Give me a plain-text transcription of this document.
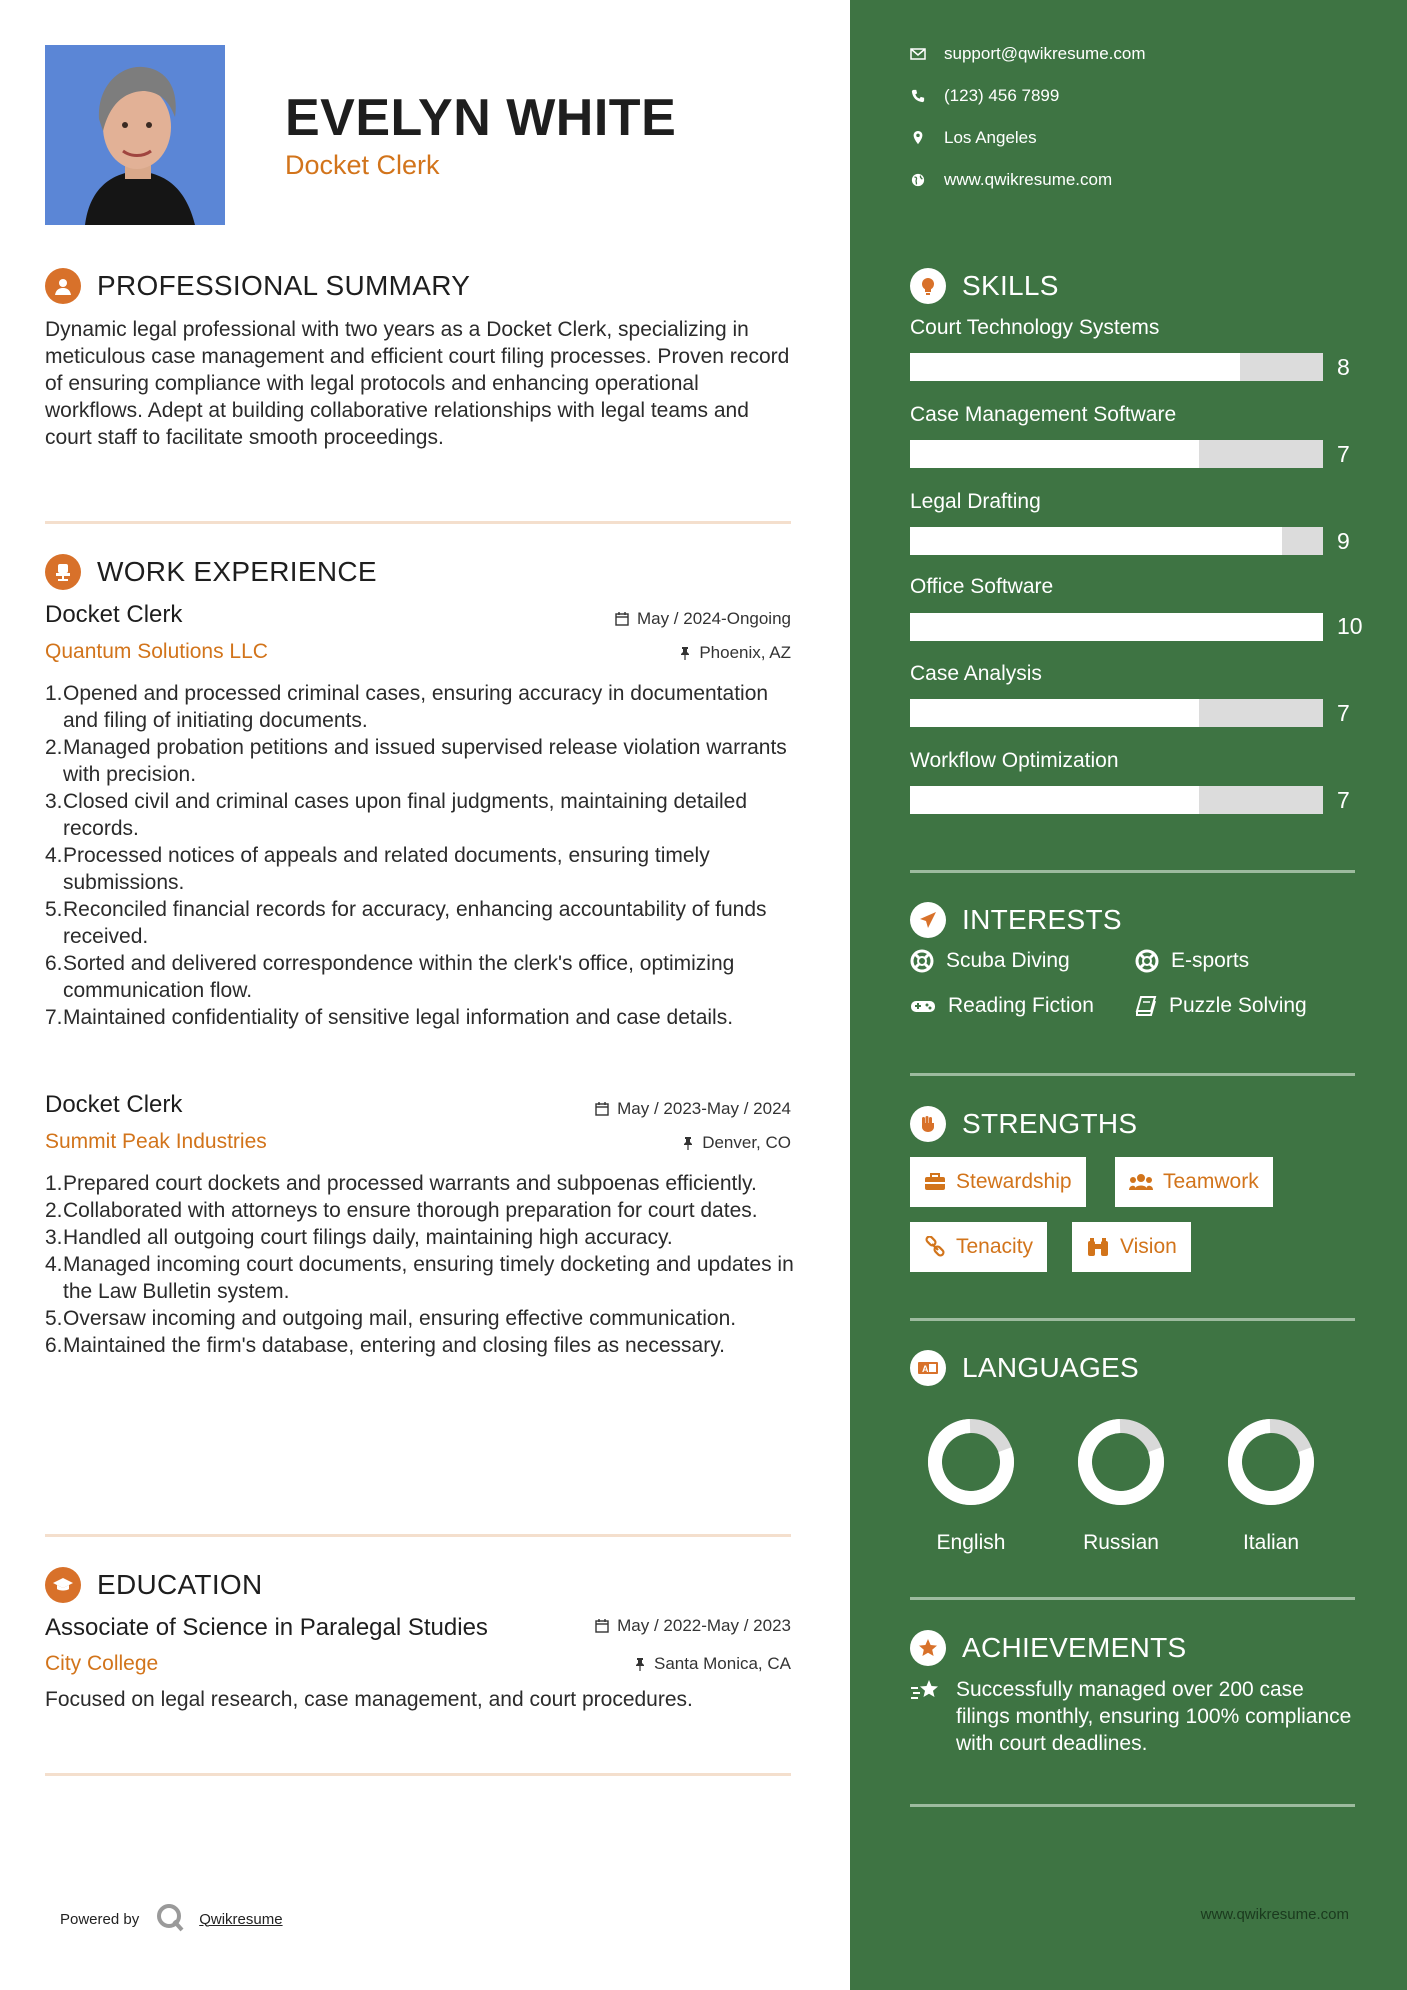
EVELYN WHITE
Docket Clerk
PROFESSIONAL SUMMARY
Dynamic legal professional with two years as a Docket Clerk, specializing in meticulous case management and efficient court filing processes. Proven record of ensuring compliance with legal protocols and enhancing operational workflows. Adept at building collaborative relationships with legal teams and court staff to facilitate smooth proceedings.
WORK EXPERIENCE
Docket Clerk	May / 2024-Ongoing
Quantum Solutions LLC	Phoenix, AZ
1. Opened and processed criminal cases, ensuring accuracy in documentation and filing of initiating documents.
2. Managed probation petitions and issued supervised release violation warrants with precision.
3. Closed civil and criminal cases upon final judgments, maintaining detailed records.
4. Processed notices of appeals and related documents, ensuring timely submissions.
5. Reconciled financial records for accuracy, enhancing accountability of funds received.
6. Sorted and delivered correspondence within the clerk's office, optimizing communication flow.
7. Maintained confidentiality of sensitive legal information and case details.
Docket Clerk	May / 2023-May / 2024
Summit Peak Industries	Denver, CO
1. Prepared court dockets and processed warrants and subpoenas efficiently.
2. Collaborated with attorneys to ensure thorough preparation for court dates.
3. Handled all outgoing court filings daily, maintaining high accuracy.
4. Managed incoming court documents, ensuring timely docketing and updates in the Law Bulletin system.
5. Oversaw incoming and outgoing mail, ensuring effective communication.
6. Maintained the firm's database, entering and closing files as necessary.
EDUCATION
Associate of Science in Paralegal Studies	May / 2022-May / 2023
City College	Santa Monica, CA
Focused on legal research, case management, and court procedures.
Powered by	Qwikresume
support@qwikresume.com
(123) 456 7899
Los Angeles
www.qwikresume.com
SKILLS
Court Technology Systems
8
Case Management Software
7
Legal Drafting
9
Office Software
10
Case Analysis
7
Workflow Optimization
7
INTERESTS
Scuba Diving	E-sports
Reading Fiction	Puzzle Solving
STRENGTHS
Stewardship	Teamwork
Tenacity	Vision
A LANGUAGES
English	Russian	Italian
ACHIEVEMENTS
Successfully managed over 200 case filings monthly, ensuring 100% compliance with court deadlines.
www.qwikresume.com
